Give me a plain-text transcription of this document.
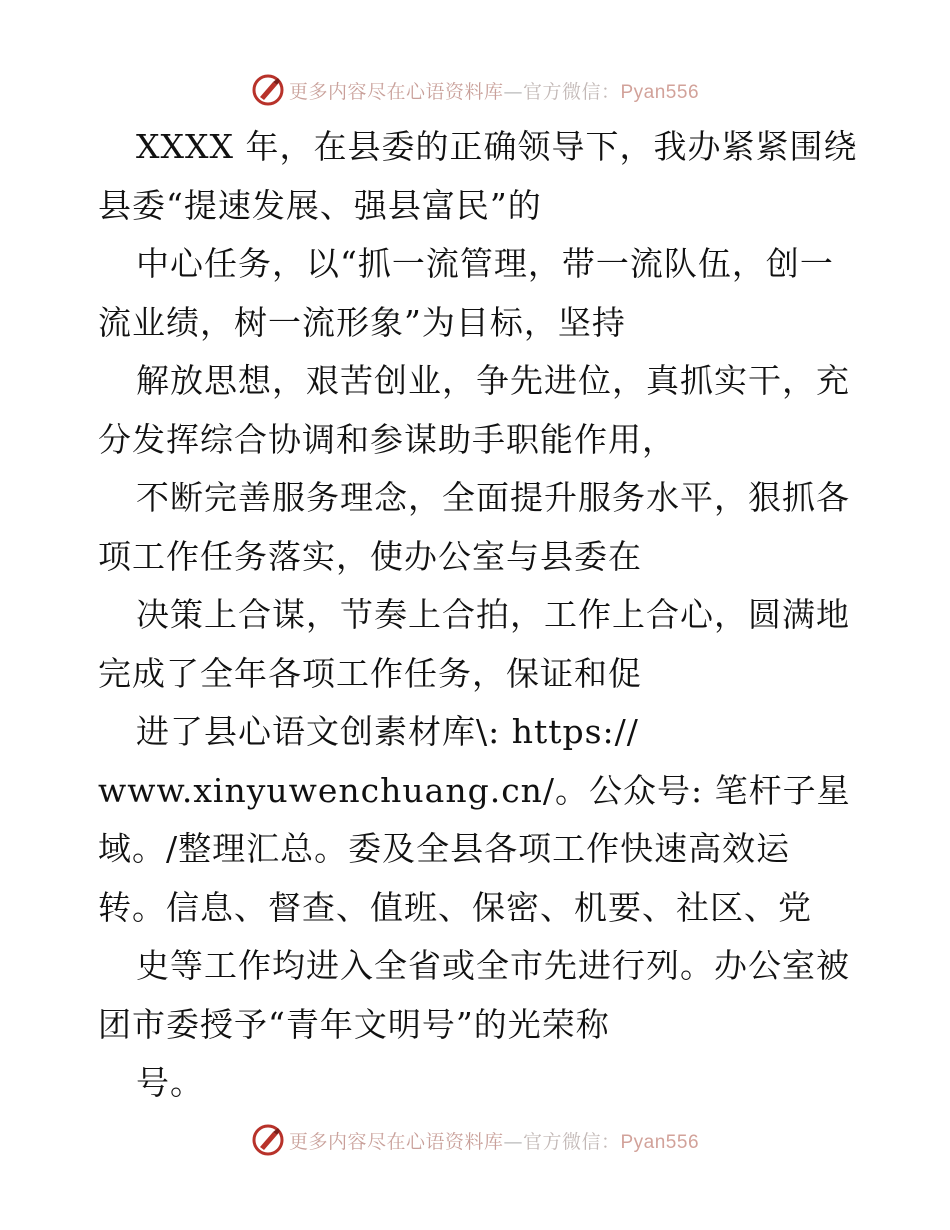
更多内容尽在心语资料库—官方微信：Pyan556
XXXX 年，在县委的正确领导下，我办紧紧围绕
县委“提速发展、强县富民”的
中心任务，以“抓一流管理，带一流队伍，创一
流业绩，树一流形象”为目标，坚持
解放思想，艰苦创业，争先进位，真抓实干，充
分发挥综合协调和参谋助手职能作用，
不断完善服务理念，全面提升服务水平，狠抓各
项工作任务落实，使办公室与县委在
决策上合谋，节奏上合拍，工作上合心，圆满地
完成了全年各项工作任务，保证和促
进了县心语文创素材库\: https://
www.xinyuwenchuang.cn/。公众号: 笔杆子星
域。/整理汇总。委及全县各项工作快速高效运
转。信息、督查、值班、保密、机要、社区、党
史等工作均进入全省或全市先进行列。办公室被
团市委授予“青年文明号”的光荣称
号。
更多内容尽在心语资料库—官方微信：Pyan556
